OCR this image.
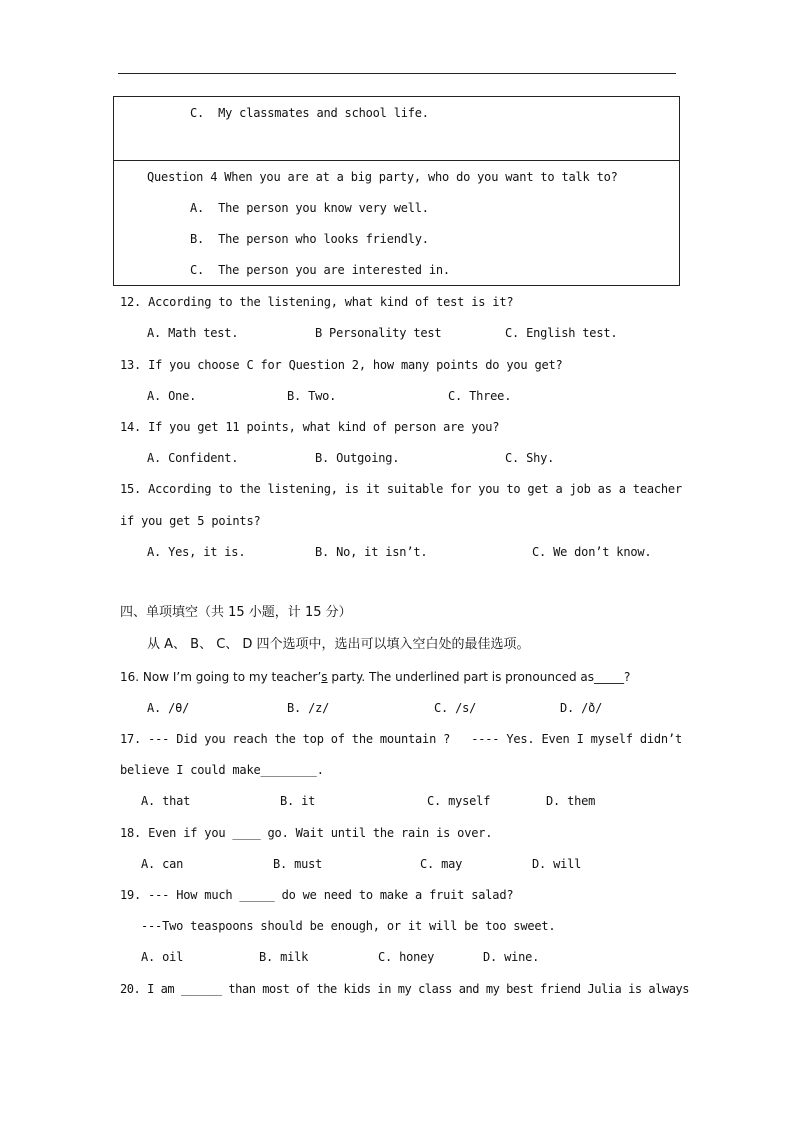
C.  My classmates and school life.
Question 4 When you are at a big party, who do you want to talk to?
A.  The person you know very well.
B.  The person who looks friendly.
C.  The person you are interested in.
12. According to the listening, what kind of test is it?
A. Math test.	B Personality test	C. English test.
13. If you choose C for Question 2, how many points do you get?
A. One.	B. Two.	C. Three.
14. If you get 11 points, what kind of person are you?
A. Confident.	B. Outgoing.	C. Shy.
15. According to the listening, is it suitable for you to get a job as a teacher
if you get 5 points?
A. Yes, it is.	B. No, it isn’t.	C. We don’t know.
四、单项填空（共 15 小题，计 15 分）
从 A、 B、 C、 D 四个选项中，选出可以填入空白处的最佳选项。
16. Now I’m going to my teacher’s party. The underlined part is pronounced as_____?
A. /θ/	B. /z/	C. /s/	D. /ð/
17. --- Did you reach the top of the mountain ?   ---- Yes. Even I myself didn’t
believe I could make________.
A. that	B. it	C. myself	D. them
18. Even if you ____ go. Wait until the rain is over.
A. can	B. must	C. may	D. will
19. --- How much _____ do we need to make a fruit salad?
---Two teaspoons should be enough, or it will be too sweet.
A. oil	B. milk	C. honey	D. wine.
20. I am ______ than most of the kids in my class and my best friend Julia is always
